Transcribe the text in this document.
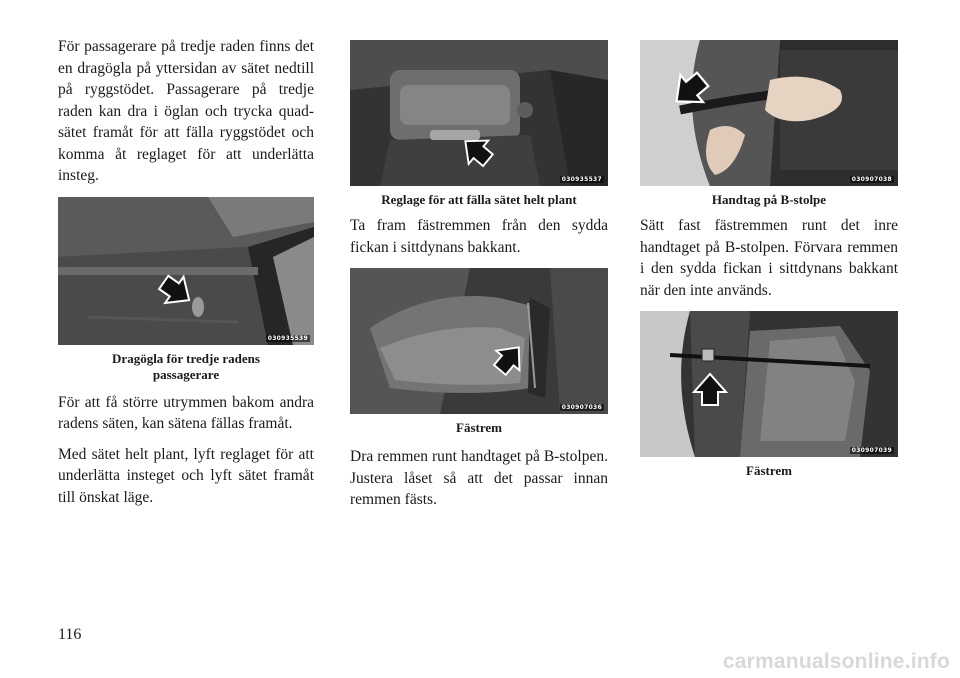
För passagerare på tredje raden finns det en dragögla på yttersidan av sätet nedtill på ryggstödet. Passagerare på tredje raden kan dra i öglan och trycka quad-sätet framåt för att fälla ryggstödet och komma åt reglaget för att underlätta insteg.

030935539
Dragögla för tredje radens passagerare

För att få större utrymmen bakom andra radens säten, kan sätena fällas framåt.

Med sätet helt plant, lyft reglaget för att underlätta insteget och lyft sätet framåt till önskat läge.

030935537
Reglage för att fälla sätet helt plant

Ta fram fästremmen från den sydda fickan i sittdynans bakkant.

030907036
Fästrem

Dra remmen runt handtaget på B-stolpen. Justera låset så att det passar innan remmen fästs.

030907038
Handtag på B-stolpe

Sätt fast fästremmen runt det inre handtaget på B-stolpen. Förvara remmen i den sydda fickan i sittdynans bakkant när den inte används.

030907039
Fästrem
116
carmanualsonline.info
